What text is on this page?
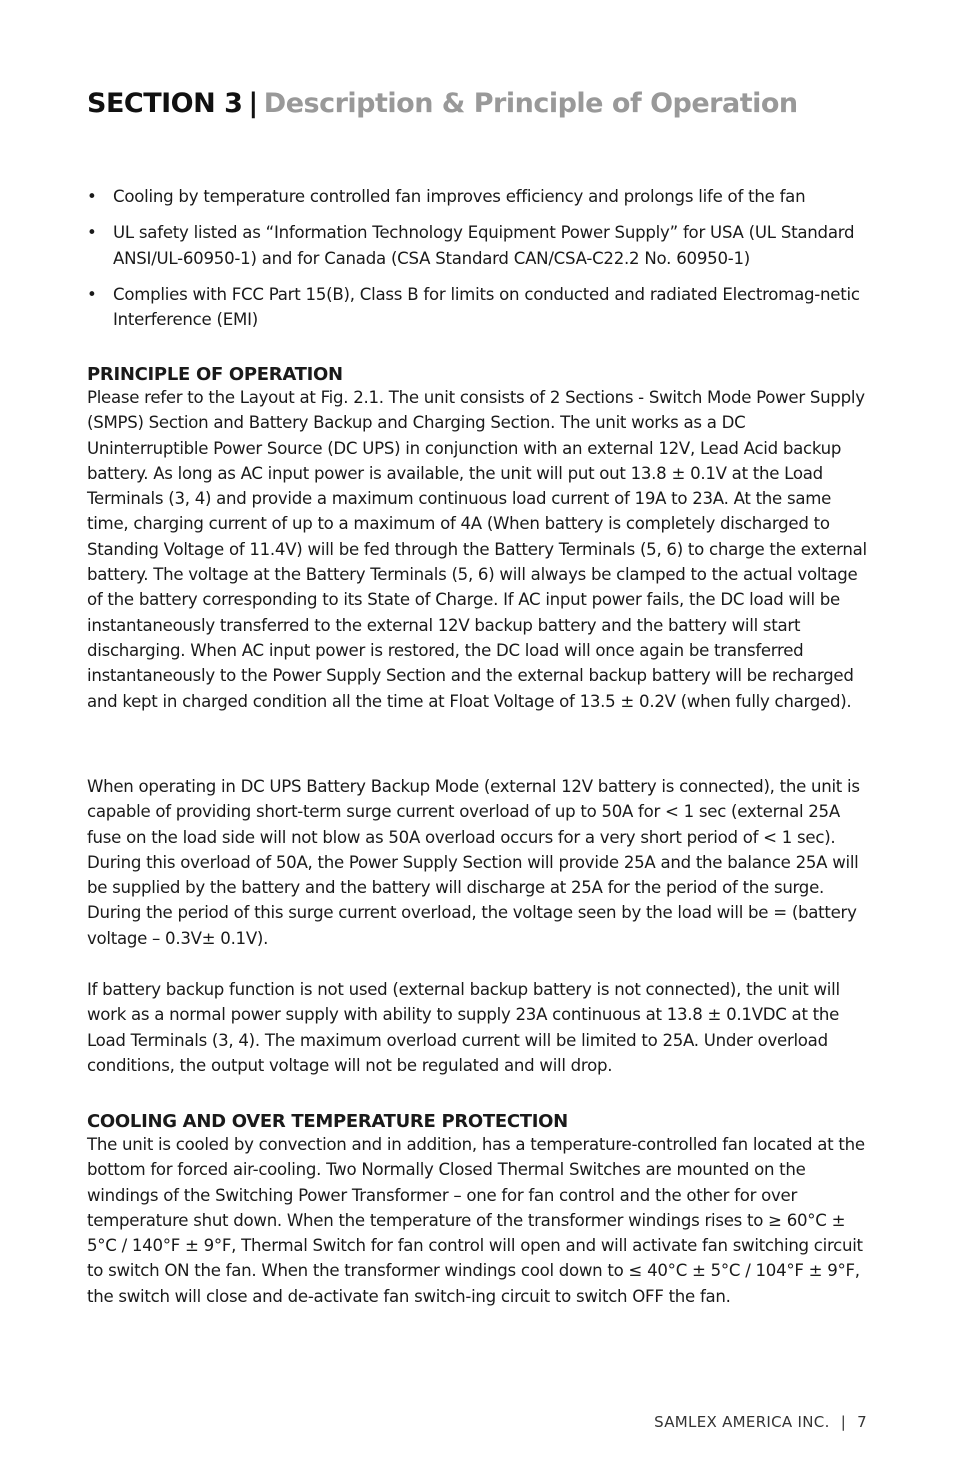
SECTION 3 | Description & Principle of Operation
• Cooling by temperature controlled fan improves efficiency and prolongs life of the fan
• UL safety listed as “Information Technology Equipment Power Supply” for USA (UL Standard ANSI/UL-60950-1) and for Canada (CSA Standard CAN/CSA-C22.2 No. 60950-1)
• Complies with FCC Part 15(B), Class B for limits on conducted and radiated Electromag-netic Interference (EMI)
PRINCIPLE OF OPERATION

Please refer to the Layout at Fig. 2.1. The unit consists of 2 Sections - Switch Mode Power Supply (SMPS) Section and Battery Backup and Charging Section. The unit works as a DC Uninterruptible Power Source (DC UPS) in conjunction with an external 12V, Lead Acid backup battery. As long as AC input power is available, the unit will put out 13.8 ± 0.1V at the Load Terminals (3, 4) and provide a maximum continuous load current of 19A to 23A. At the same time, charging current of up to a maximum of 4A (When battery is completely discharged to Standing Voltage of 11.4V) will be fed through the Battery Terminals (5, 6) to charge the external battery. The voltage at the Battery Terminals (5, 6) will always be clamped to the actual voltage of the battery corresponding to its State of Charge. If AC input power fails, the DC load will be instantaneously transferred to the external 12V backup battery and the battery will start discharging. When AC input power is restored, the DC load will once again be transferred instantaneously to the Power Supply Section and the external backup battery will be recharged and kept in charged condition all the time at Float Voltage of 13.5 ± 0.2V (when fully charged).

When operating in DC UPS Battery Backup Mode (external 12V battery is connected), the unit is capable of providing short-term surge current overload of up to 50A for < 1 sec (external 25A fuse on the load side will not blow as 50A overload occurs for a very short period of < 1 sec). During this overload of 50A, the Power Supply Section will provide 25A and the balance 25A will be supplied by the battery and the battery will discharge at 25A for the period of the surge. During the period of this surge current overload, the voltage seen by the load will be = (battery voltage – 0.3V± 0.1V).

If battery backup function is not used (external backup battery is not connected), the unit will work as a normal power supply with ability to supply 23A continuous at 13.8 ± 0.1VDC at the Load Terminals (3, 4). The maximum overload current will be limited to 25A. Under overload conditions, the output voltage will not be regulated and will drop.

COOLING AND OVER TEMPERATURE PROTECTION

The unit is cooled by convection and in addition, has a temperature-controlled fan located at the bottom for forced air-cooling. Two Normally Closed Thermal Switches are mounted on the windings of the Switching Power Transformer – one for fan control and the other for over temperature shut down. When the temperature of the transformer windings rises to ≥ 60°C ± 5°C / 140°F ± 9°F, Thermal Switch for fan control will open and will activate fan switching circuit to switch ON the fan. When the transformer windings cool down to ≤ 40°C ± 5°C / 104°F ± 9°F, the switch will close and de-activate fan switch-ing circuit to switch OFF the fan.

SAMLEX AMERICA INC. | 7
